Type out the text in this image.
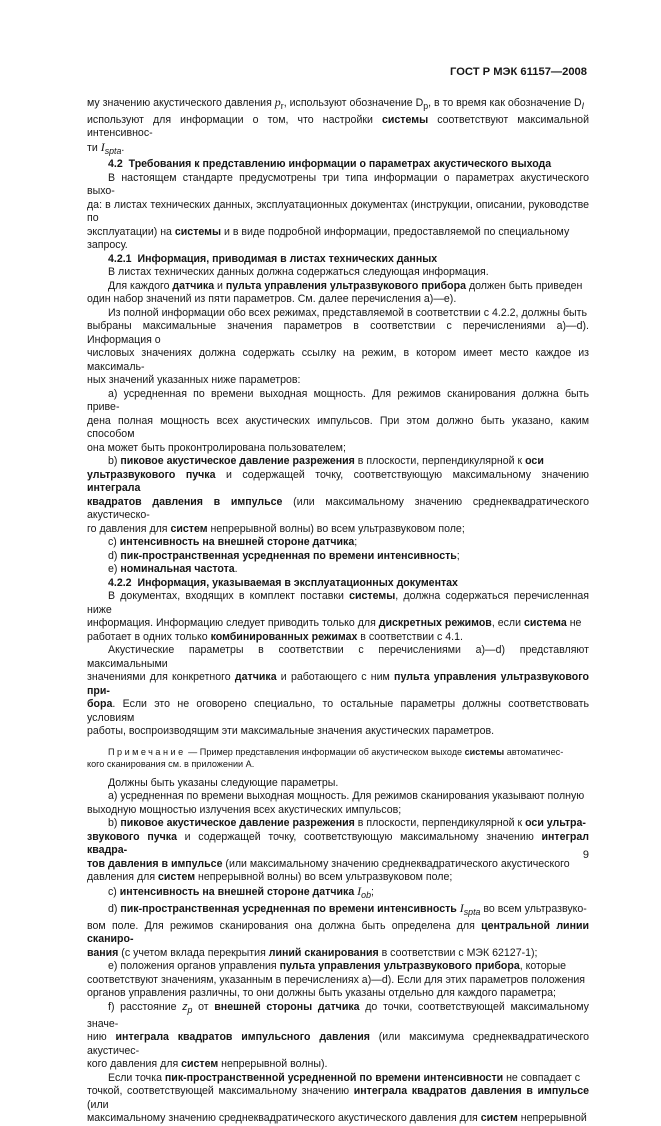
ГОСТ Р МЭК 61157—2008

му значению акустического давления $p_r$, используют обозначение $D_p$, в то время как обозначение $D_I$
используют для информации о том, что настройки системы соответствуют максимальной интенсивнос-
ти $I_{spta}$.

4.2 Требования к представлению информации о параметрах акустического выхода

В настоящем стандарте предусмотрены три типа информации о параметрах акустического выхо-
да: в листах технических данных, эксплуатационных документах (инструкции, описании, руководстве по
эксплуатации) на системы и в виде подробной информации, предоставляемой по специальному
запросу.

4.2.1 Информация, приводимая в листах технических данных

В листах технических данных должна содержаться следующая информация.

Для каждого датчика и пульта управления ультразвукового прибора должен быть приведен
один набор значений из пяти параметров. См. далее перечисления а)—е).

Из полной информации обо всех режимах, представляемой в соответствии с 4.2.2, должны быть
выбраны максимальные значения параметров в соответствии с перечислениями а)—d). Информация о
числовых значениях должна содержать ссылку на режим, в котором имеет место каждое из максималь-
ных значений указанных ниже параметров:

a) усредненная по времени выходная мощность. Для режимов сканирования должна быть приве-
дена полная мощность всех акустических импульсов. При этом должно быть указано, каким способом
она может быть проконтролирована пользователем;

b) пиковое акустическое давление разрежения в плоскости, перпендикулярной к оси
ультразвукового пучка и содержащей точку, соответствующую максимальному значению интеграла
квадратов давления в импульсе (или максимальному значению среднеквадратического акустическо-
го давления для систем непрерывной волны) во всем ультразвуковом поле;

c) интенсивность на внешней стороне датчика;

d) пик-пространственная усредненная по времени интенсивность;

e) номинальная частота.

4.2.2 Информация, указываемая в эксплуатационных документах

В документах, входящих в комплект поставки системы, должна содержаться перечисленная ниже
информация. Информацию следует приводить только для дискретных режимов, если система не
работает в одних только комбинированных режимах в соответствии с 4.1.

Акустические параметры в соответствии с перечислениями а)—d) представляют максимальными
значениями для конкретного датчика и работающего с ним пульта управления ультразвукового при-
бора. Если это не оговорено специально, то остальные параметры должны соответствовать условиям
работы, воспроизводящим эти максимальные значения акустических параметров.

Примечание — Пример представления информации об акустическом выходе системы автоматичес-
кого сканирования см. в приложении А.

Должны быть указаны следующие параметры.

a) усредненная по времени выходная мощность. Для режимов сканирования указывают полную
выходную мощностью излучения всех акустических импульсов;

b) пиковое акустическое давление разрежения в плоскости, перпендикулярной к оси ультра-
звукового пучка и содержащей точку, соответствующую максимальному значению интеграл квадра-
тов давления в импульсе (или максимальному значению среднеквадратического акустического
давления для систем непрерывной волны) во всем ультразвуковом поле;

c) интенсивность на внешней стороне датчика $I_{ob}$;

d) пик-пространственная усредненная по времени интенсивность $I_{spta}$ во всем ультразвуко-
вом поле. Для режимов сканирования она должна быть определена для центральной линии сканиро-
вания (с учетом вклада перекрытия линий сканирования в соответствии с МЭК 62127-1);

e) положения органов управления пульта управления ультразвукового прибора, которые
соответствуют значениям, указанным в перечислениях а)—d). Если для этих параметров положения
органов управления различны, то они должны быть указаны отдельно для каждого параметра;

f) расстояние $z_p$ от внешней стороны датчика до точки, соответствующей максимальному значе-
нию интеграла квадратов импульсного давления (или максимума среднеквадратического акустичес-
кого давления для систем непрерывной волны).

Если точка пик-пространственной усредненной по времени интенсивности не совпадает с
точкой, соответствующей максимальному значению интеграла квадратов давления в импульсе (или
максимальному значению среднеквадратического акустического давления для систем непрерывной

9
